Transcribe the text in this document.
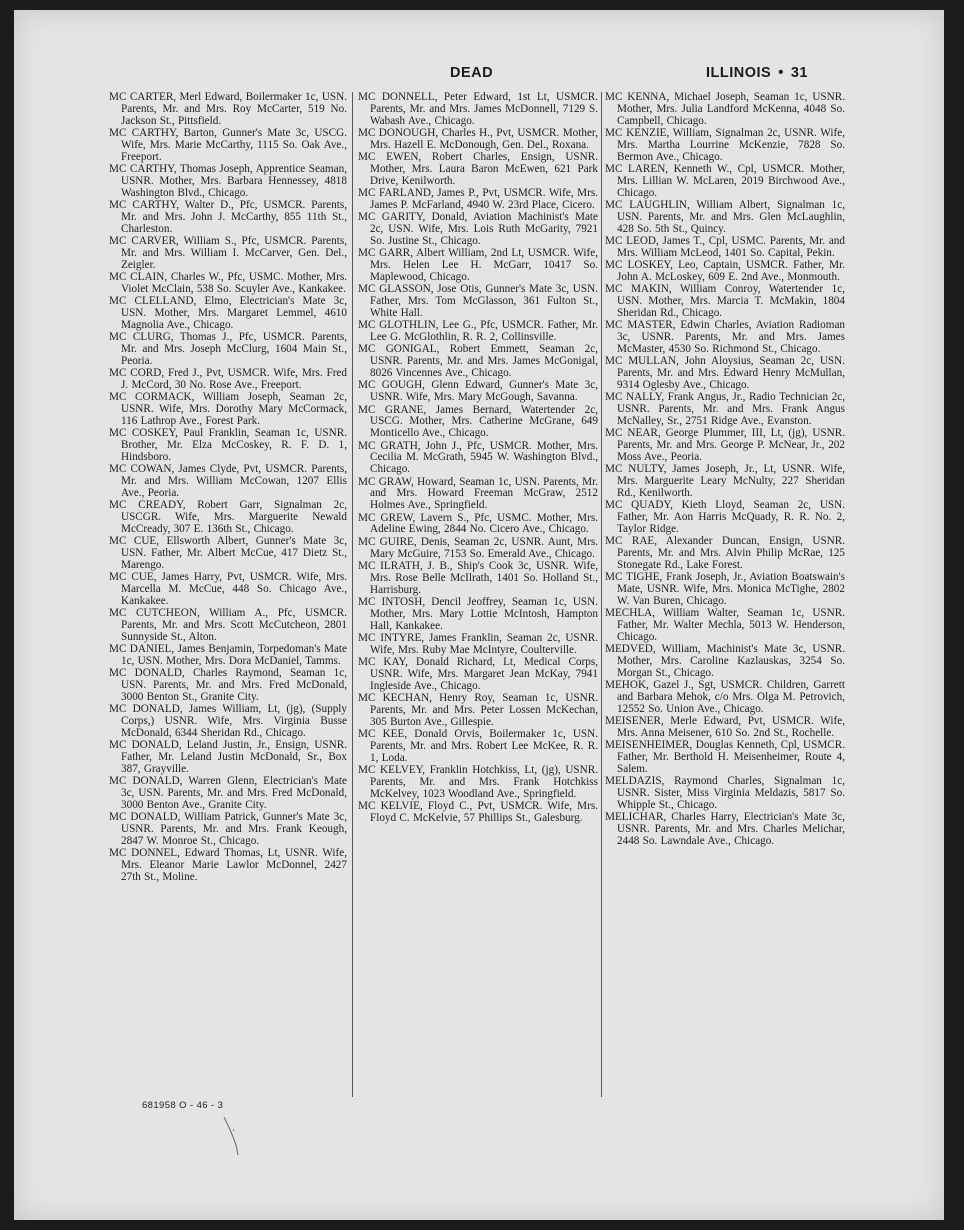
DEAD	ILLINOIS • 31

MC CARTER, Merl Edward, Boilermaker 1c, USN. Parents, Mr. and Mrs. Roy McCarter, 519 No. Jackson St., Pittsfield.

MC CARTHY, Barton, Gunner's Mate 3c, USCG. Wife, Mrs. Marie McCarthy, 1115 So. Oak Ave., Freeport.

MC CARTHY, Thomas Joseph, Apprentice Seaman, USNR. Mother, Mrs. Barbara Hennessey, 4818 Washington Blvd., Chicago.

MC CARTHY, Walter D., Pfc, USMCR. Parents, Mr. and Mrs. John J. McCarthy, 855 11th St., Charleston.

MC CARVER, William S., Pfc, USMCR. Parents, Mr. and Mrs. William I. McCarver, Gen. Del., Zeigler.

MC CLAIN, Charles W., Pfc, USMC. Mother, Mrs. Violet McClain, 538 So. Scuyler Ave., Kankakee.

MC CLELLAND, Elmo, Electrician's Mate 3c, USN. Mother, Mrs. Margaret Lemmel, 4610 Magnolia Ave., Chicago.

MC CLURG, Thomas J., Pfc, USMCR. Parents, Mr. and Mrs. Joseph McClurg, 1604 Main St., Peoria.

MC CORD, Fred J., Pvt, USMCR. Wife, Mrs. Fred J. McCord, 30 No. Rose Ave., Freeport.

MC CORMACK, William Joseph, Seaman 2c, USNR. Wife, Mrs. Dorothy Mary McCormack, 116 Lathrop Ave., Forest Park.

MC COSKEY, Paul Franklin, Seaman 1c, USNR. Brother, Mr. Elza McCoskey, R. F. D. 1, Hindsboro.

MC COWAN, James Clyde, Pvt, USMCR. Parents, Mr. and Mrs. William McCowan, 1207 Ellis Ave., Peoria.

MC CREADY, Robert Garr, Signalman 2c, USCGR. Wife, Mrs. Marguerite Newald McCready, 307 E. 136th St., Chicago.

MC CUE, Ellsworth Albert, Gunner's Mate 3c, USN. Father, Mr. Albert McCue, 417 Dietz St., Marengo.

MC CUE, James Harry, Pvt, USMCR. Wife, Mrs. Marcella M. McCue, 448 So. Chicago Ave., Kankakee.

MC CUTCHEON, William A., Pfc, USMCR. Parents, Mr. and Mrs. Scott McCutcheon, 2801 Sunnyside St., Alton.

MC DANIEL, James Benjamin, Torpedoman's Mate 1c, USN. Mother, Mrs. Dora McDaniel, Tamms.

MC DONALD, Charles Raymond, Seaman 1c, USN. Parents, Mr. and Mrs. Fred McDonald, 3000 Benton St., Granite City.

MC DONALD, James William, Lt, (jg), (Supply Corps,) USNR. Wife, Mrs. Virginia Busse McDonald, 6344 Sheridan Rd., Chicago.

MC DONALD, Leland Justin, Jr., Ensign, USNR. Father, Mr. Leland Justin McDonald, Sr., Box 387, Grayville.

MC DONALD, Warren Glenn, Electrician's Mate 3c, USN. Parents, Mr. and Mrs. Fred McDonald, 3000 Benton Ave., Granite City.

MC DONALD, William Patrick, Gunner's Mate 3c, USNR. Parents, Mr. and Mrs. Frank Keough, 2847 W. Monroe St., Chicago.

MC DONNEL, Edward Thomas, Lt, USNR. Wife, Mrs. Eleanor Marie Lawlor McDonnel, 2427 27th St., Moline.

MC DONNELL, Peter Edward, 1st Lt, USMCR. Parents, Mr. and Mrs. James McDonnell, 7129 S. Wabash Ave., Chicago.

MC DONOUGH, Charles H., Pvt, USMCR. Mother, Mrs. Hazell E. McDonough, Gen. Del., Roxana.

MC EWEN, Robert Charles, Ensign, USNR. Mother, Mrs. Laura Baron McEwen, 621 Park Drive, Kenilworth.

MC FARLAND, James P., Pvt, USMCR. Wife, Mrs. James P. McFarland, 4940 W. 23rd Place, Cicero.

MC GARITY, Donald, Aviation Machinist's Mate 2c, USN. Wife, Mrs. Lois Ruth McGarity, 7921 So. Justine St., Chicago.

MC GARR, Albert William, 2nd Lt, USMCR. Wife, Mrs. Helen Lee H. McGarr, 10417 So. Maplewood, Chicago.

MC GLASSON, Jose Otis, Gunner's Mate 3c, USN. Father, Mrs. Tom McGlasson, 361 Fulton St., White Hall.

MC GLOTHLIN, Lee G., Pfc, USMCR. Father, Mr. Lee G. McGlothlin, R. R. 2, Collinsville.

MC GONIGAL, Robert Emmett, Seaman 2c, USNR. Parents, Mr. and Mrs. James McGonigal, 8026 Vincennes Ave., Chicago.

MC GOUGH, Glenn Edward, Gunner's Mate 3c, USNR. Wife, Mrs. Mary McGough, Savanna.

MC GRANE, James Bernard, Watertender 2c, USCG. Mother, Mrs. Catherine McGrane, 649 Monticello Ave., Chicago.

MC GRATH, John J., Pfc, USMCR. Mother, Mrs. Cecilia M. McGrath, 5945 W. Washington Blvd., Chicago.

MC GRAW, Howard, Seaman 1c, USN. Parents, Mr. and Mrs. Howard Freeman McGraw, 2512 Holmes Ave., Springfield.

MC GREW, Lavern S., Pfc, USMC. Mother, Mrs. Adeline Ewing, 2844 No. Cicero Ave., Chicago.

MC GUIRE, Denis, Seaman 2c, USNR. Aunt, Mrs. Mary McGuire, 7153 So. Emerald Ave., Chicago.

MC ILRATH, J. B., Ship's Cook 3c, USNR. Wife, Mrs. Rose Belle McIlrath, 1401 So. Holland St., Harrisburg.

MC INTOSH, Dencil Jeoffrey, Seaman 1c, USN. Mother, Mrs. Mary Lottie McIntosh, Hampton Hall, Kankakee.

MC INTYRE, James Franklin, Seaman 2c, USNR. Wife, Mrs. Ruby Mae McIntyre, Coulterville.

MC KAY, Donald Richard, Lt, Medical Corps, USNR. Wife, Mrs. Margaret Jean McKay, 7941 Ingleside Ave., Chicago.

MC KECHAN, Henry Roy, Seaman 1c, USNR. Parents, Mr. and Mrs. Peter Lossen McKechan, 305 Burton Ave., Gillespie.

MC KEE, Donald Orvis, Boilermaker 1c, USN. Parents, Mr. and Mrs. Robert Lee McKee, R. R. 1, Loda.

MC KELVEY, Franklin Hotchkiss, Lt, (jg), USNR. Parents, Mr. and Mrs. Frank Hotchkiss McKelvey, 1023 Woodland Ave., Springfield.

MC KELVIE, Floyd C., Pvt, USMCR. Wife, Mrs. Floyd C. McKelvie, 57 Phillips St., Galesburg.

MC KENNA, Michael Joseph, Seaman 1c, USNR. Mother, Mrs. Julia Landford McKenna, 4048 So. Campbell, Chicago.

MC KENZIE, William, Signalman 2c, USNR. Wife, Mrs. Martha Lourrine McKenzie, 7828 So. Bermon Ave., Chicago.

MC LAREN, Kenneth W., Cpl, USMCR. Mother, Mrs. Lillian W. McLaren, 2019 Birchwood Ave., Chicago.

MC LAUGHLIN, William Albert, Signalman 1c, USN. Parents, Mr. and Mrs. Glen McLaughlin, 428 So. 5th St., Quincy.

MC LEOD, James T., Cpl, USMC. Parents, Mr. and Mrs. William McLeod, 1401 So. Capital, Pekin.

MC LOSKEY, Leo, Captain, USMCR. Father, Mr. John A. McLoskey, 609 E. 2nd Ave., Monmouth.

MC MAKIN, William Conroy, Watertender 1c, USN. Mother, Mrs. Marcia T. McMakin, 1804 Sheridan Rd., Chicago.

MC MASTER, Edwin Charles, Aviation Radioman 3c, USNR. Parents, Mr. and Mrs. James McMaster, 4530 So. Richmond St., Chicago.

MC MULLAN, John Aloysius, Seaman 2c, USN. Parents, Mr. and Mrs. Edward Henry McMullan, 9314 Oglesby Ave., Chicago.

MC NALLY, Frank Angus, Jr., Radio Technician 2c, USNR. Parents, Mr. and Mrs. Frank Angus McNalley, Sr., 2751 Ridge Ave., Evanston.

MC NEAR, George Plummer, III, Lt, (jg), USNR. Parents, Mr. and Mrs. George P. McNear, Jr., 202 Moss Ave., Peoria.

MC NULTY, James Joseph, Jr., Lt, USNR. Wife, Mrs. Marguerite Leary McNulty, 227 Sheridan Rd., Kenilworth.

MC QUADY, Kieth Lloyd, Seaman 2c, USN. Father, Mr. Aon Harris McQuady, R. R. No. 2, Taylor Ridge.

MC RAE, Alexander Duncan, Ensign, USNR. Parents, Mr. and Mrs. Alvin Philip McRae, 125 Stonegate Rd., Lake Forest.

MC TIGHE, Frank Joseph, Jr., Aviation Boatswain's Mate, USNR. Wife, Mrs. Monica McTighe, 2802 W. Van Buren, Chicago.

MECHLA, William Walter, Seaman 1c, USNR. Father, Mr. Walter Mechla, 5013 W. Henderson, Chicago.

MEDVED, William, Machinist's Mate 3c, USNR. Mother, Mrs. Caroline Kazlauskas, 3254 So. Morgan St., Chicago.

MEHOK, Gazel J., Sgt, USMCR. Children, Garrett and Barbara Mehok, c/o Mrs. Olga M. Petrovich, 12552 So. Union Ave., Chicago.

MEISENER, Merle Edward, Pvt, USMCR. Wife, Mrs. Anna Meisener, 610 So. 2nd St., Rochelle.

MEISENHEIMER, Douglas Kenneth, Cpl, USMCR. Father, Mr. Berthold H. Meisenheimer, Route 4, Salem.

MELDAZIS, Raymond Charles, Signalman 1c, USNR. Sister, Miss Virginia Meldazis, 5817 So. Whipple St., Chicago.

MELICHAR, Charles Harry, Electrician's Mate 3c, USNR. Parents, Mr. and Mrs. Charles Melichar, 2448 So. Lawndale Ave., Chicago.

681958 O - 46 - 3
